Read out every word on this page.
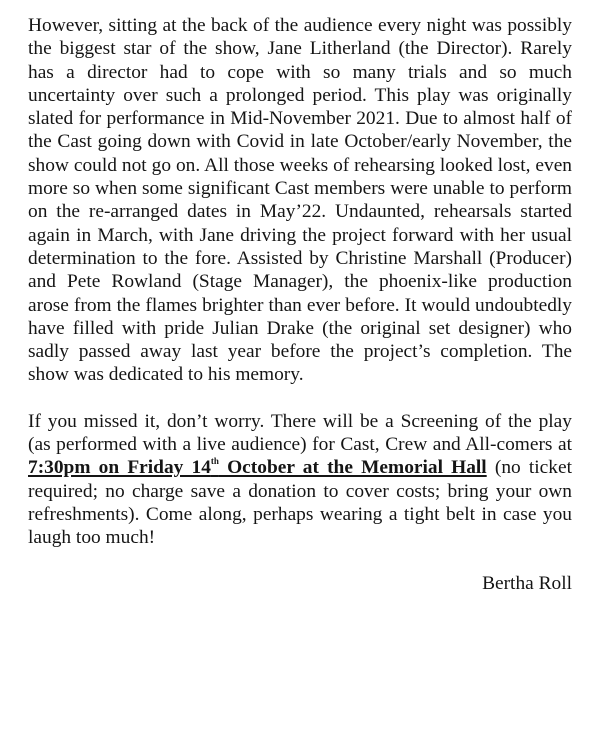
However, sitting at the back of the audience every night was possibly the biggest star of the show, Jane Litherland (the Director). Rarely has a director had to cope with so many trials and so much uncertainty over such a prolonged period. This play was originally slated for performance in Mid-November 2021. Due to almost half of the Cast going down with Covid in late October/early November, the show could not go on. All those weeks of rehearsing looked lost, even more so when some significant Cast members were unable to perform on the re-arranged dates in May’22. Undaunted, rehearsals started again in March, with Jane driving the project forward with her usual determination to the fore. Assisted by Christine Marshall (Producer) and Pete Rowland (Stage Manager), the phoenix-like production arose from the flames brighter than ever before. It would undoubtedly have filled with pride Julian Drake (the original set designer) who sadly passed away last year before the project’s completion. The show was dedicated to his memory.

If you missed it, don’t worry. There will be a Screening of the play (as performed with a live audience) for Cast, Crew and All-comers at 7:30pm on Friday 14th October at the Memorial Hall (no ticket required; no charge save a donation to cover costs; bring your own refreshments). Come along, perhaps wearing a tight belt in case you laugh too much!

Bertha Roll
